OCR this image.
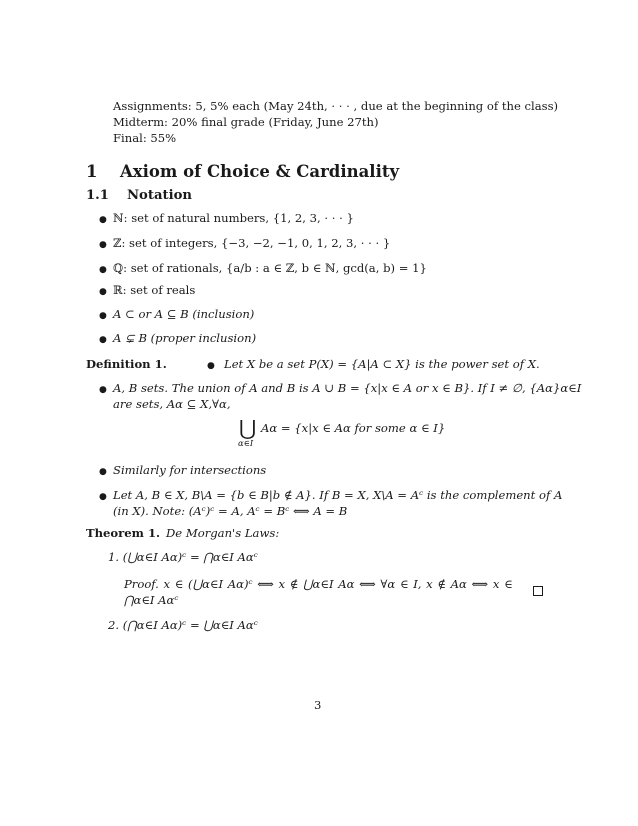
Assignments: 5, 5% each (May 24th, · · · , due at the beginning of the class)
Midterm: 20% final grade (Friday, June 27th)
Final: 55%
1 Axiom of Choice & Cardinality
1.1 Notation
● ℕ: set of natural numbers, {1, 2, 3, · · · }
● ℤ: set of integers, {−3, −2, −1, 0, 1, 2, 3, · · · }
● ℚ: set of rationals, {a/b : a ∈ ℤ, b ∈ ℕ, gcd(a, b) = 1}
● ℝ: set of reals
● A ⊂ or A ⊆ B (inclusion)
● A ⊊ B (proper inclusion)
Definition 1.	● Let X be a set P(X) = {A|A ⊂ X} is the power set of X.
● A, B sets. The union of A and B is A ∪ B = {x|x ∈ A or x ∈ B}. If I ≠ ∅, {Aα}α∈I
are sets, Aα ⊆ X,∀α,
⋃
α∈I
Aα = {x|x ∈ Aα for some α ∈ I}
● Similarly for intersections
● Let A, B ∈ X, B\A = {b ∈ B|b ∉ A}. If B = X, X\A = Aᶜ is the complement of A
(in X). Note: (Aᶜ)ᶜ = A, Aᶜ = Bᶜ ⟺ A = B
Theorem 1. De Morgan's Laws:
1. (⋃α∈I Aα)ᶜ = ⋂α∈I Aαᶜ
Proof. x ∈ (⋃α∈I Aα)ᶜ ⟺ x ∉ ⋃α∈I Aα ⟺ ∀α ∈ I, x ∉ Aα ⟺ x ∈
⋂α∈I Aαᶜ
2. (⋂α∈I Aα)ᶜ = ⋃α∈I Aαᶜ
3
